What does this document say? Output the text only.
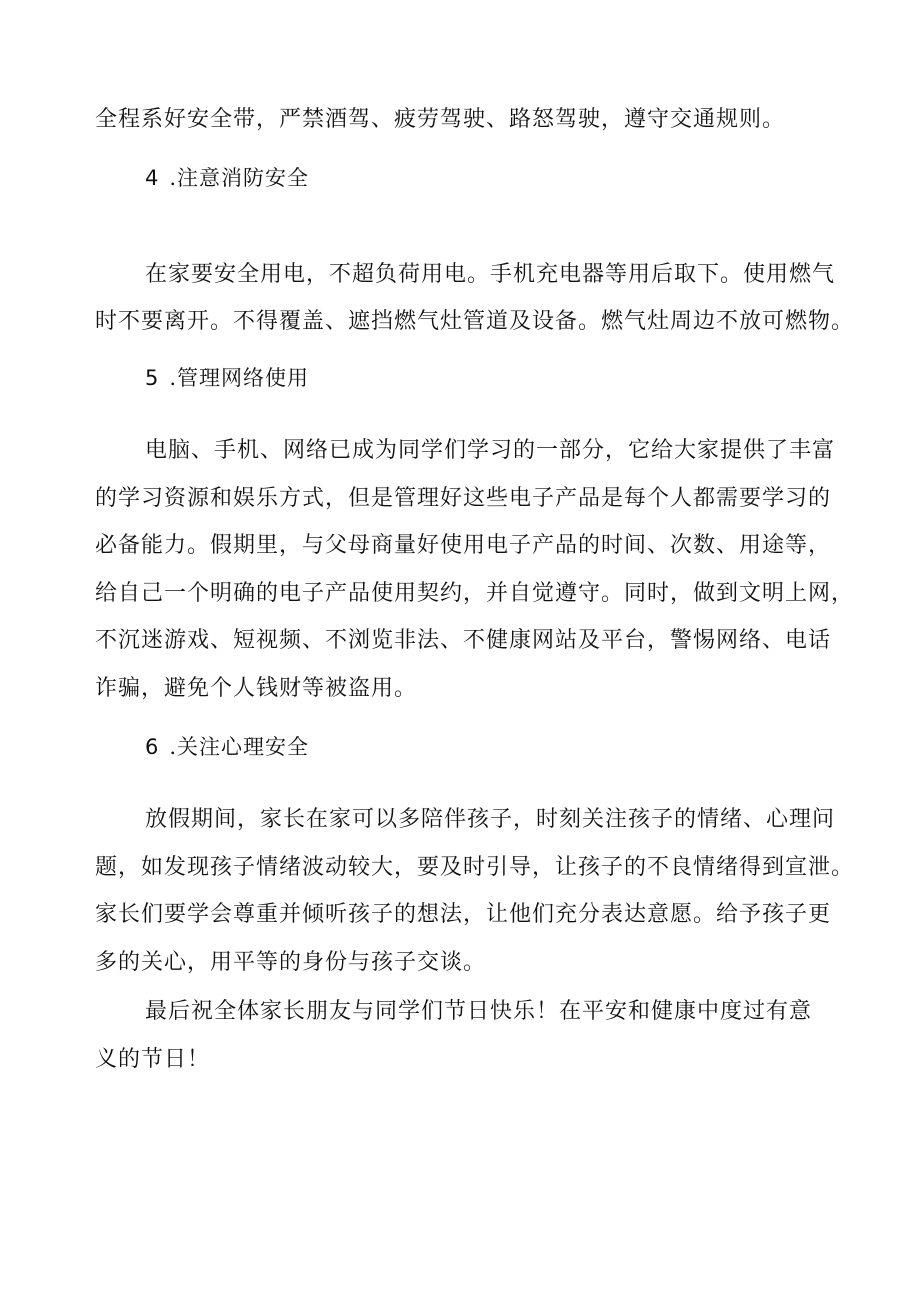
全程系好安全带，严禁酒驾、疲劳驾驶、路怒驾驶，遵守交通规则。
4 .注意消防安全
在家要安全用电，不超负荷用电。手机充电器等用后取下。使用燃气
时不要离开。不得覆盖、遮挡燃气灶管道及设备。燃气灶周边不放可燃物。
5 .管理网络使用
电脑、手机、网络已成为同学们学习的一部分，它给大家提供了丰富
的学习资源和娱乐方式，但是管理好这些电子产品是每个人都需要学习的
必备能力。假期里，与父母商量好使用电子产品的时间、次数、用途等，
给自己一个明确的电子产品使用契约，并自觉遵守。同时，做到文明上网，
不沉迷游戏、短视频、不浏览非法、不健康网站及平台，警惕网络、电话
诈骗，避免个人钱财等被盗用。
6 .关注心理安全
放假期间，家长在家可以多陪伴孩子，时刻关注孩子的情绪、心理问
题，如发现孩子情绪波动较大，要及时引导，让孩子的不良情绪得到宣泄。
家长们要学会尊重并倾听孩子的想法，让他们充分表达意愿。给予孩子更
多的关心，用平等的身份与孩子交谈。
最后祝全体家长朋友与同学们节日快乐！在平安和健康中度过有意
义的节日！
